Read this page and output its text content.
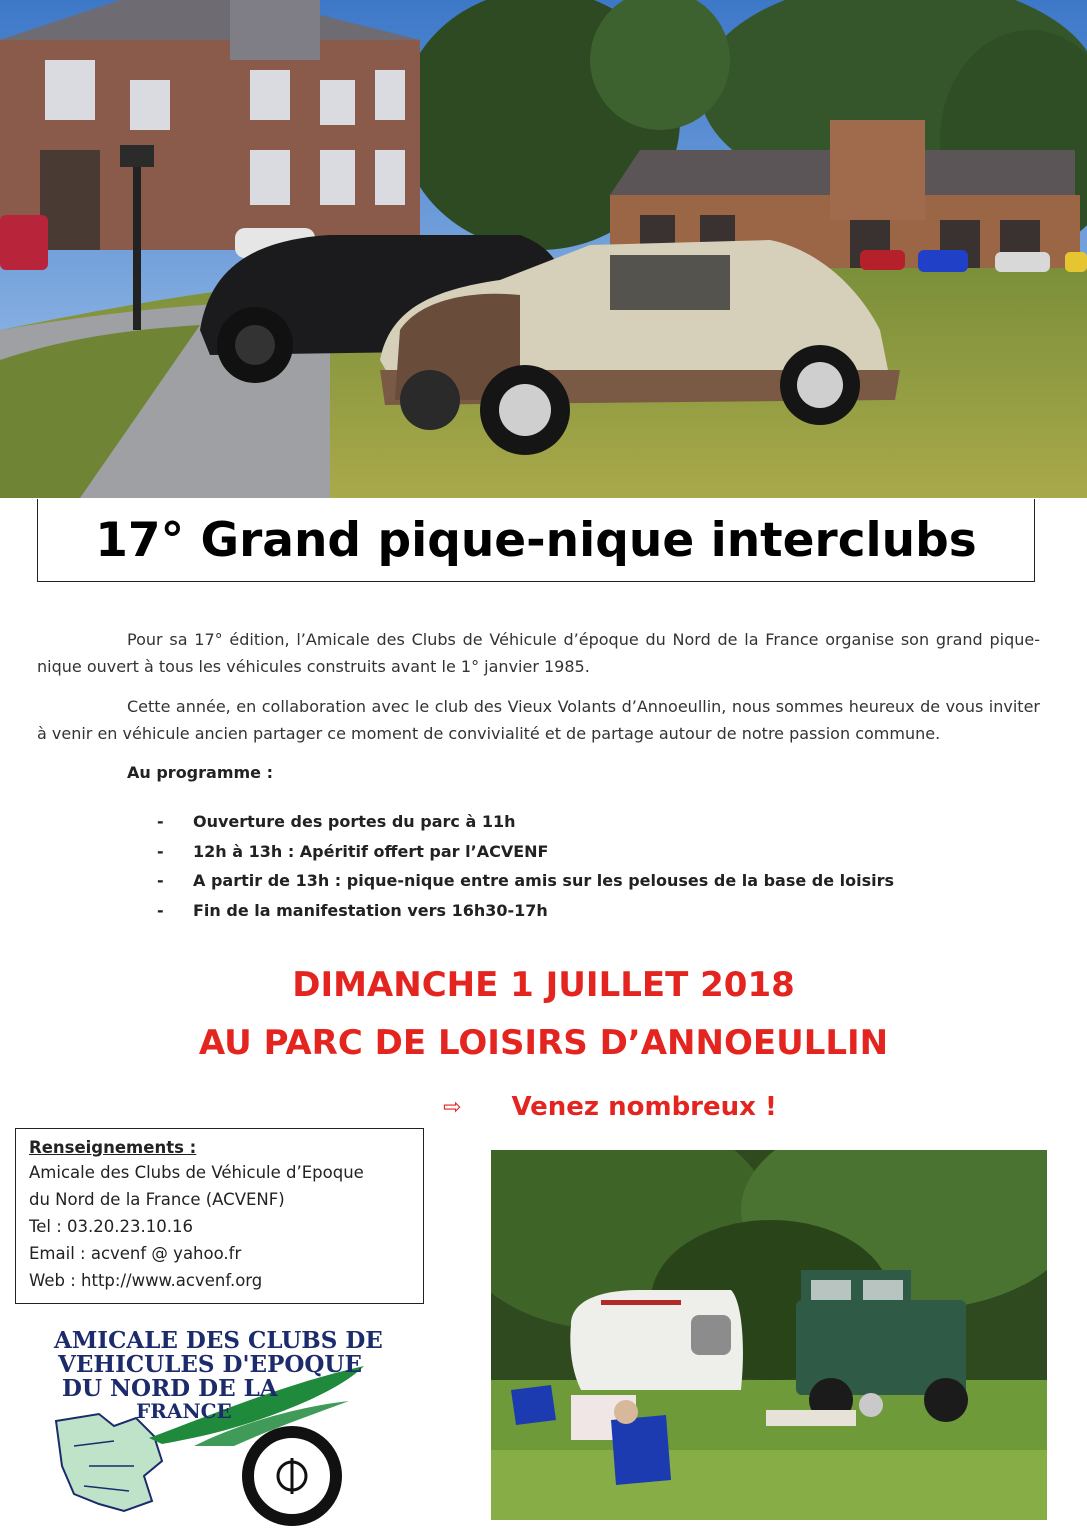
17° Grand pique-nique interclubs

Pour sa 17° édition, l’Amicale des Clubs de Véhicule d’époque du Nord de la France organise son grand pique-nique ouvert à tous les véhicules construits avant le 1° janvier 1985.

Cette année, en collaboration avec le club des Vieux Volants d’Annoeullin, nous sommes heureux de vous inviter à venir en véhicule ancien partager ce moment de convivialité et de partage autour de notre passion commune.

Au programme :

-	Ouverture des portes du parc à 11h
-	12h à 13h : Apéritif offert par l’ACVENF
-	A partir de 13h : pique-nique entre amis sur les pelouses de la base de loisirs
-	Fin de la manifestation vers 16h30-17h

DIMANCHE 1 JUILLET 2018

AU PARC DE LOISIRS D’ANNOEULLIN

⇨ Venez nombreux !
Renseignements :
Amicale des Clubs de Véhicule d’Epoque
du Nord de la France (ACVENF)
Tel : 03.20.23.10.16
Email : acvenf @ yahoo.fr
Web : http://www.acvenf.org
AMICALE DES CLUBS DE
VEHICULES D'EPOQUE
DU NORD DE LA
FRANCE
